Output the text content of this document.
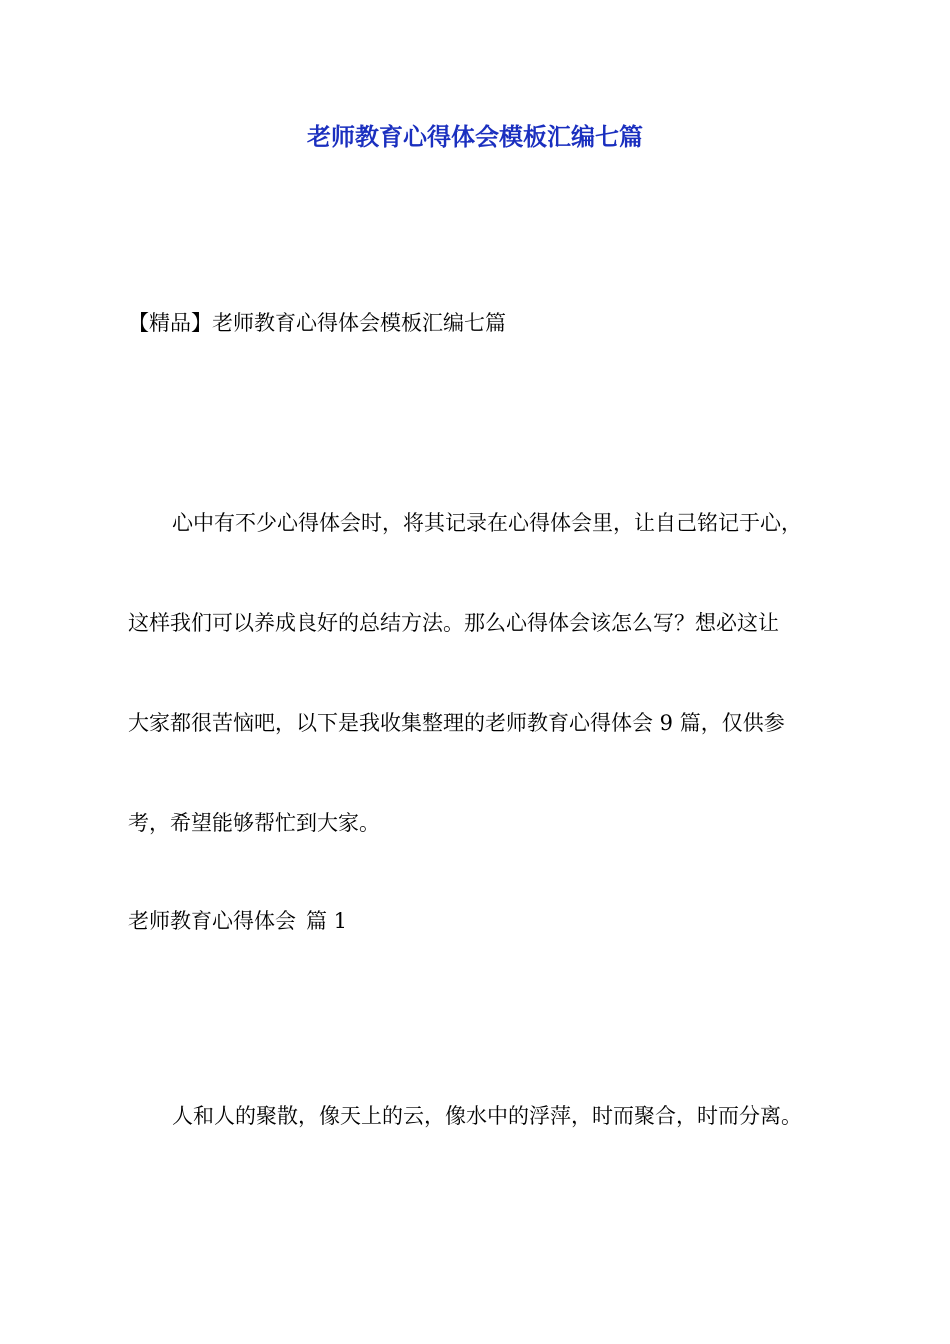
老师教育心得体会模板汇编七篇
【精品】老师教育心得体会模板汇编七篇
心中有不少心得体会时，将其记录在心得体会里，让自己铭记于心，
这样我们可以养成良好的总结方法。那么心得体会该怎么写？想必这让
大家都很苦恼吧，以下是我收集整理的老师教育心得体会 9 篇，仅供参
考，希望能够帮忙到大家。
老师教育心得体会 篇 1
人和人的聚散，像天上的云，像水中的浮萍，时而聚合，时而分离。
